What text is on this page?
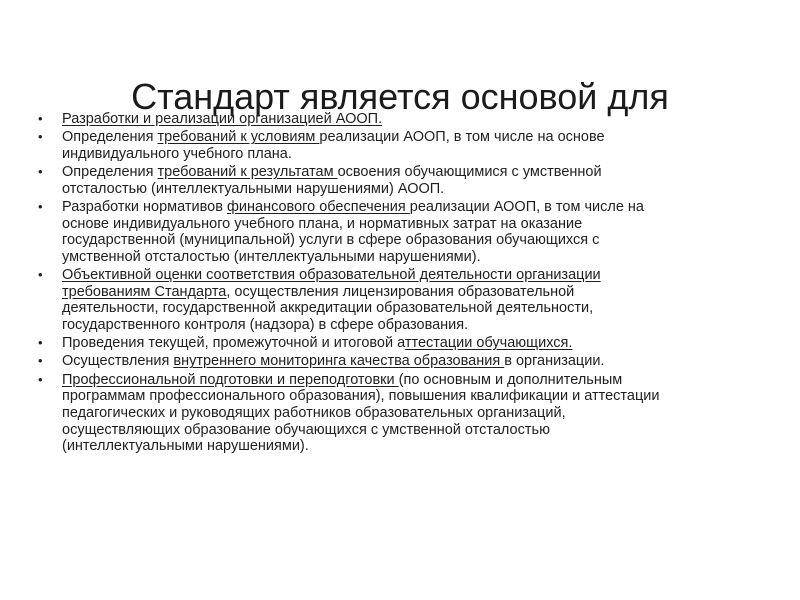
Стандарт является основой для
• Разработки и реализации организацией АООП.
• Определения требований к условиям реализации АООП, в том числе на основе индивидуального учебного плана.
• Определения требований к результатам освоения обучающимися с умственной отсталостью (интеллектуальными нарушениями) АООП.
• Разработки нормативов финансового обеспечения реализации АООП, в том числе на основе индивидуального учебного плана, и нормативных затрат на оказание государственной (муниципальной) услуги в сфере образования обучающихся с умственной отсталостью (интеллектуальными нарушениями).
• Объективной оценки соответствия образовательной деятельности организации требованиям Стандарта, осуществления лицензирования образовательной деятельности, государственной аккредитации образовательной деятельности, государственного контроля (надзора) в сфере образования.
• Проведения текущей, промежуточной и итоговой аттестации обучающихся.
• Осуществления внутреннего мониторинга качества образования в организации.
• Профессиональной подготовки и переподготовки (по основным и дополнительным программам профессионального образования), повышения квалификации и аттестации педагогических и руководящих работников образовательных организаций, осуществляющих образование обучающихся с умственной отсталостью (интеллектуальными нарушениями).
